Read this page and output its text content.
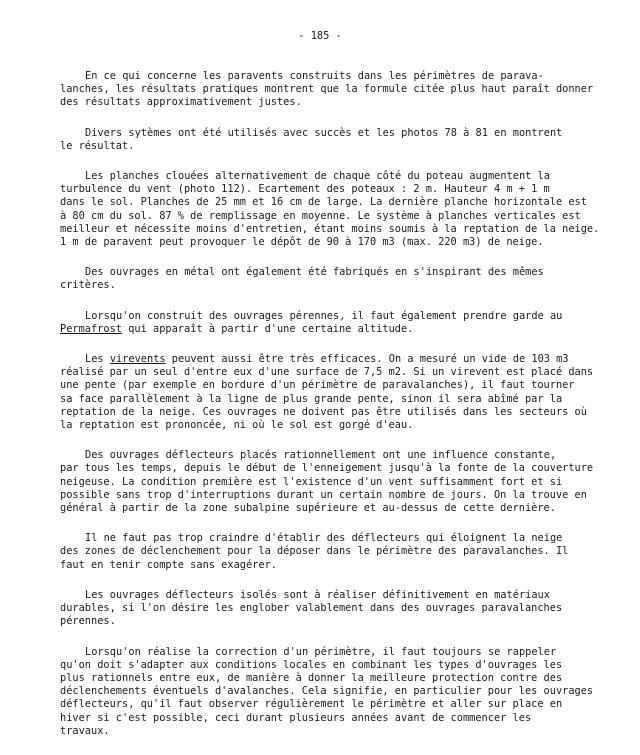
- 185 -

En ce qui concerne les paravents construits dans les périmètres de parava-
lanches, les résultats pratiques montrent que la formule citée plus haut paraît donner
des résultats approximativement justes.

Divers sytèmes ont été utilisés avec succès et les photos 78 à 81 en montrent
le résultat.

Les planches clouées alternativement de chaque côté du poteau augmentent la
turbulence du vent (photo 112). Ecartement des poteaux : 2 m. Hauteur 4 m + 1 m
dans le sol. Planches de 25 mm et 16 cm de large. La dernière planche horizontale est
à 80 cm du sol. 87 % de remplissage en moyenne. Le système à planches verticales est
meilleur et nécessite moins d'entretien, étant moins soumis à la reptation de la neige.
1 m de paravent peut provoquer le dépôt de 90 à 170 m3 (max. 220 m3) de neige.

Des ouvrages en métal ont également été fabriqués en s'inspirant des mêmes
critères.

Lorsqu'on construit des ouvrages pérennes, il faut également prendre garde au
Permafrost qui apparaît à partir d'une certaine altitude.

Les virevents peuvent aussi être très efficaces. On a mesuré un vide de 103 m3
réalisé par un seul d'entre eux d'une surface de 7,5 m2. Si un virevent est placé dans
une pente (par exemple en bordure d'un périmètre de paravalanches), il faut tourner
sa face parallèlement à la ligne de plus grande pente, sinon il sera abîmé par la
reptation de la neige. Ces ouvrages ne doivent pas être utilisés dans les secteurs où
la reptation est prononcée, ni où le sol est gorgé d'eau.

Des ouvrages déflecteurs placés rationnellement ont une influence constante,
par tous les temps, depuis le début de l'enneigement jusqu'à la fonte de la couverture
neigeuse. La condition première est l'existence d'un vent suffisamment fort et si
possible sans trop d'interruptions durant un certain nombre de jours. On la trouve en
général à partir de la zone subalpine supérieure et au-dessus de cette dernière.

Il ne faut pas trop craindre d'établir des déflecteurs qui éloignent la neige
des zones de déclenchement pour la déposer dans le périmètre des paravalanches. Il
faut en tenir compte sans exagérer.

Les ouvrages déflecteurs isolés sont à réaliser définitivement en matériaux
durables, si l'on désire les englober valablement dans des ouvrages paravalanches
pérennes.

Lorsqu'on réalise la correction d'un périmètre, il faut toujours se rappeler
qu'on doit s'adapter aux conditions locales en combinant les types d'ouvrages les
plus rationnels entre eux, de manière à donner la meilleure protection contre des
déclenchements éventuels d'avalanches. Cela signifie, en particulier pour les ouvrages
déflecteurs, qu'il faut observer régulièrement le périmètre et aller sur place en
hiver si c'est possible, ceci durant plusieurs années avant de commencer les
travaux.
